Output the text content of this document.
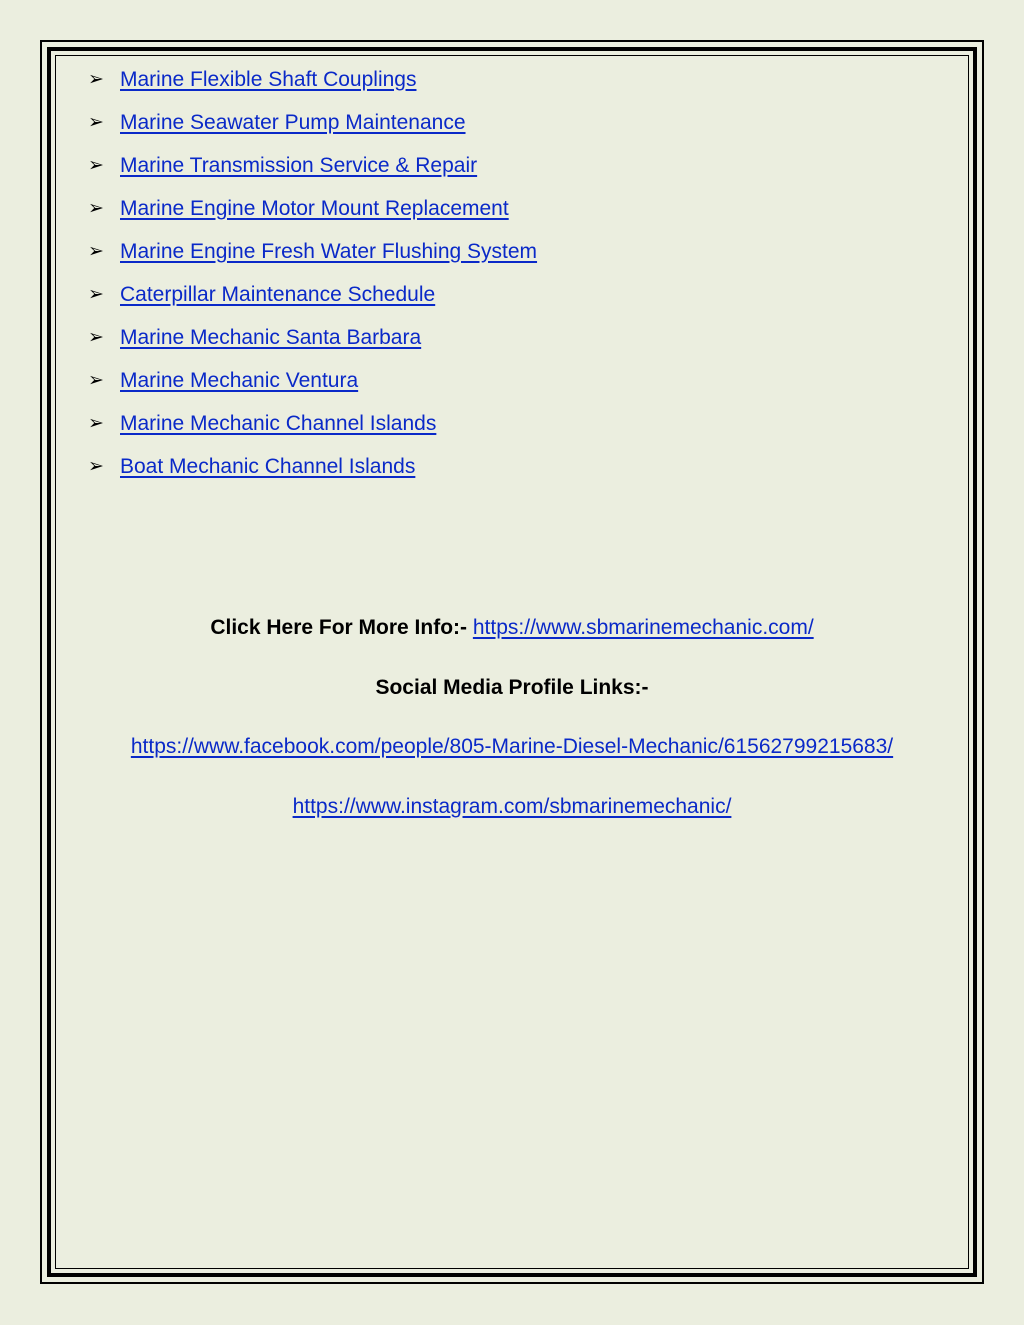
➢ Marine Flexible Shaft Couplings
➢ Marine Seawater Pump Maintenance
➢ Marine Transmission Service & Repair
➢ Marine Engine Motor Mount Replacement
➢ Marine Engine Fresh Water Flushing System
➢ Caterpillar Maintenance Schedule
➢ Marine Mechanic Santa Barbara
➢ Marine Mechanic Ventura
➢ Marine Mechanic Channel Islands
➢ Boat Mechanic Channel Islands
Click Here For More Info:- https://www.sbmarinemechanic.com/
Social Media Profile Links:-
https://www.facebook.com/people/805-Marine-Diesel-Mechanic/61562799215683/
https://www.instagram.com/sbmarinemechanic/
